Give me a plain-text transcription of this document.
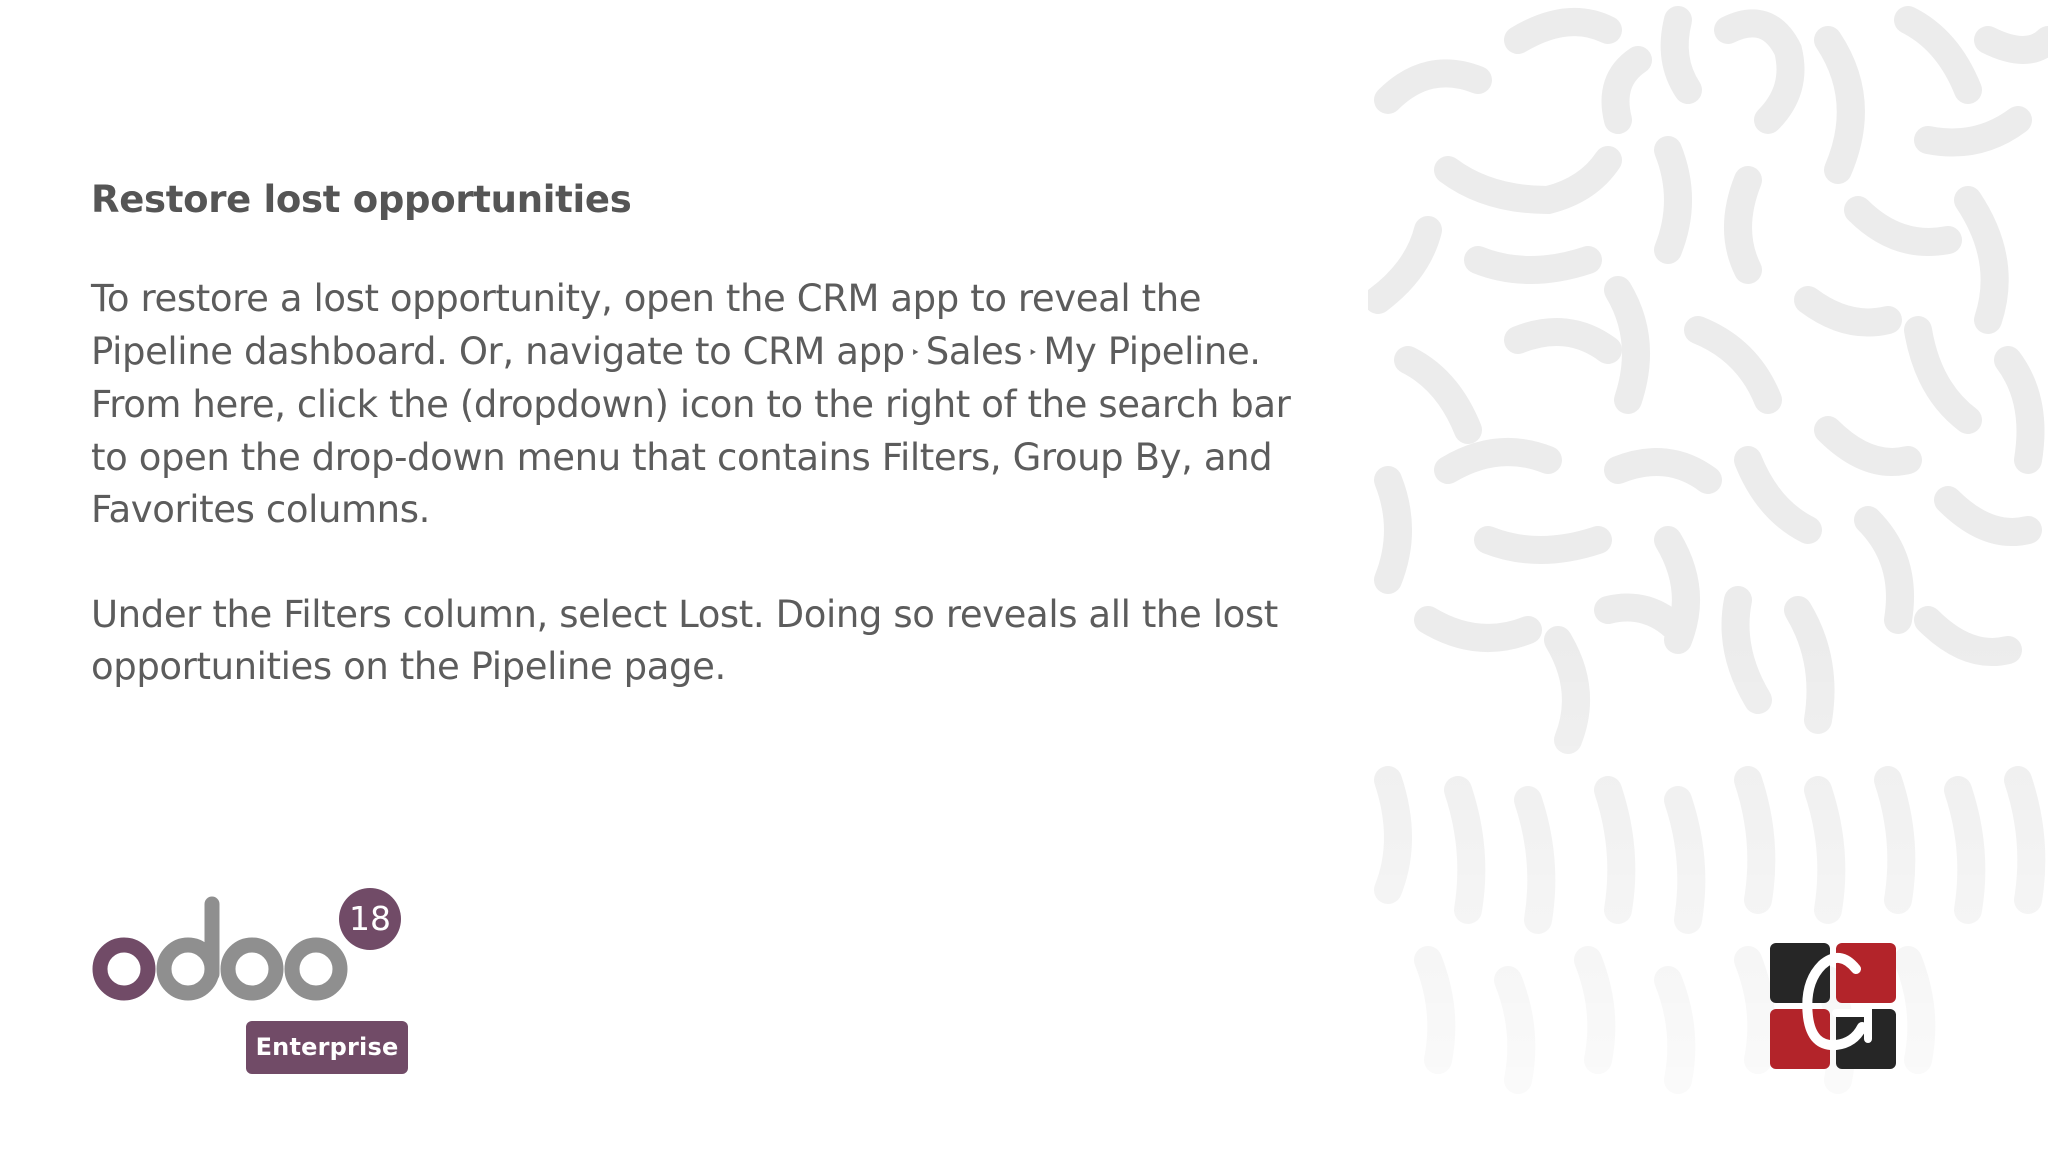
Restore lost opportunities
To restore a lost opportunity, open the CRM app to reveal the
Pipeline dashboard. Or, navigate to CRM app ‣ Sales ‣ My Pipeline.
From here, click the (dropdown) icon to the right of the search bar
to open the drop-down menu that contains Filters, Group By, and
Favorites columns.
Under the Filters column, select Lost. Doing so reveals all the lost
opportunities on the Pipeline page.
18
Enterprise
